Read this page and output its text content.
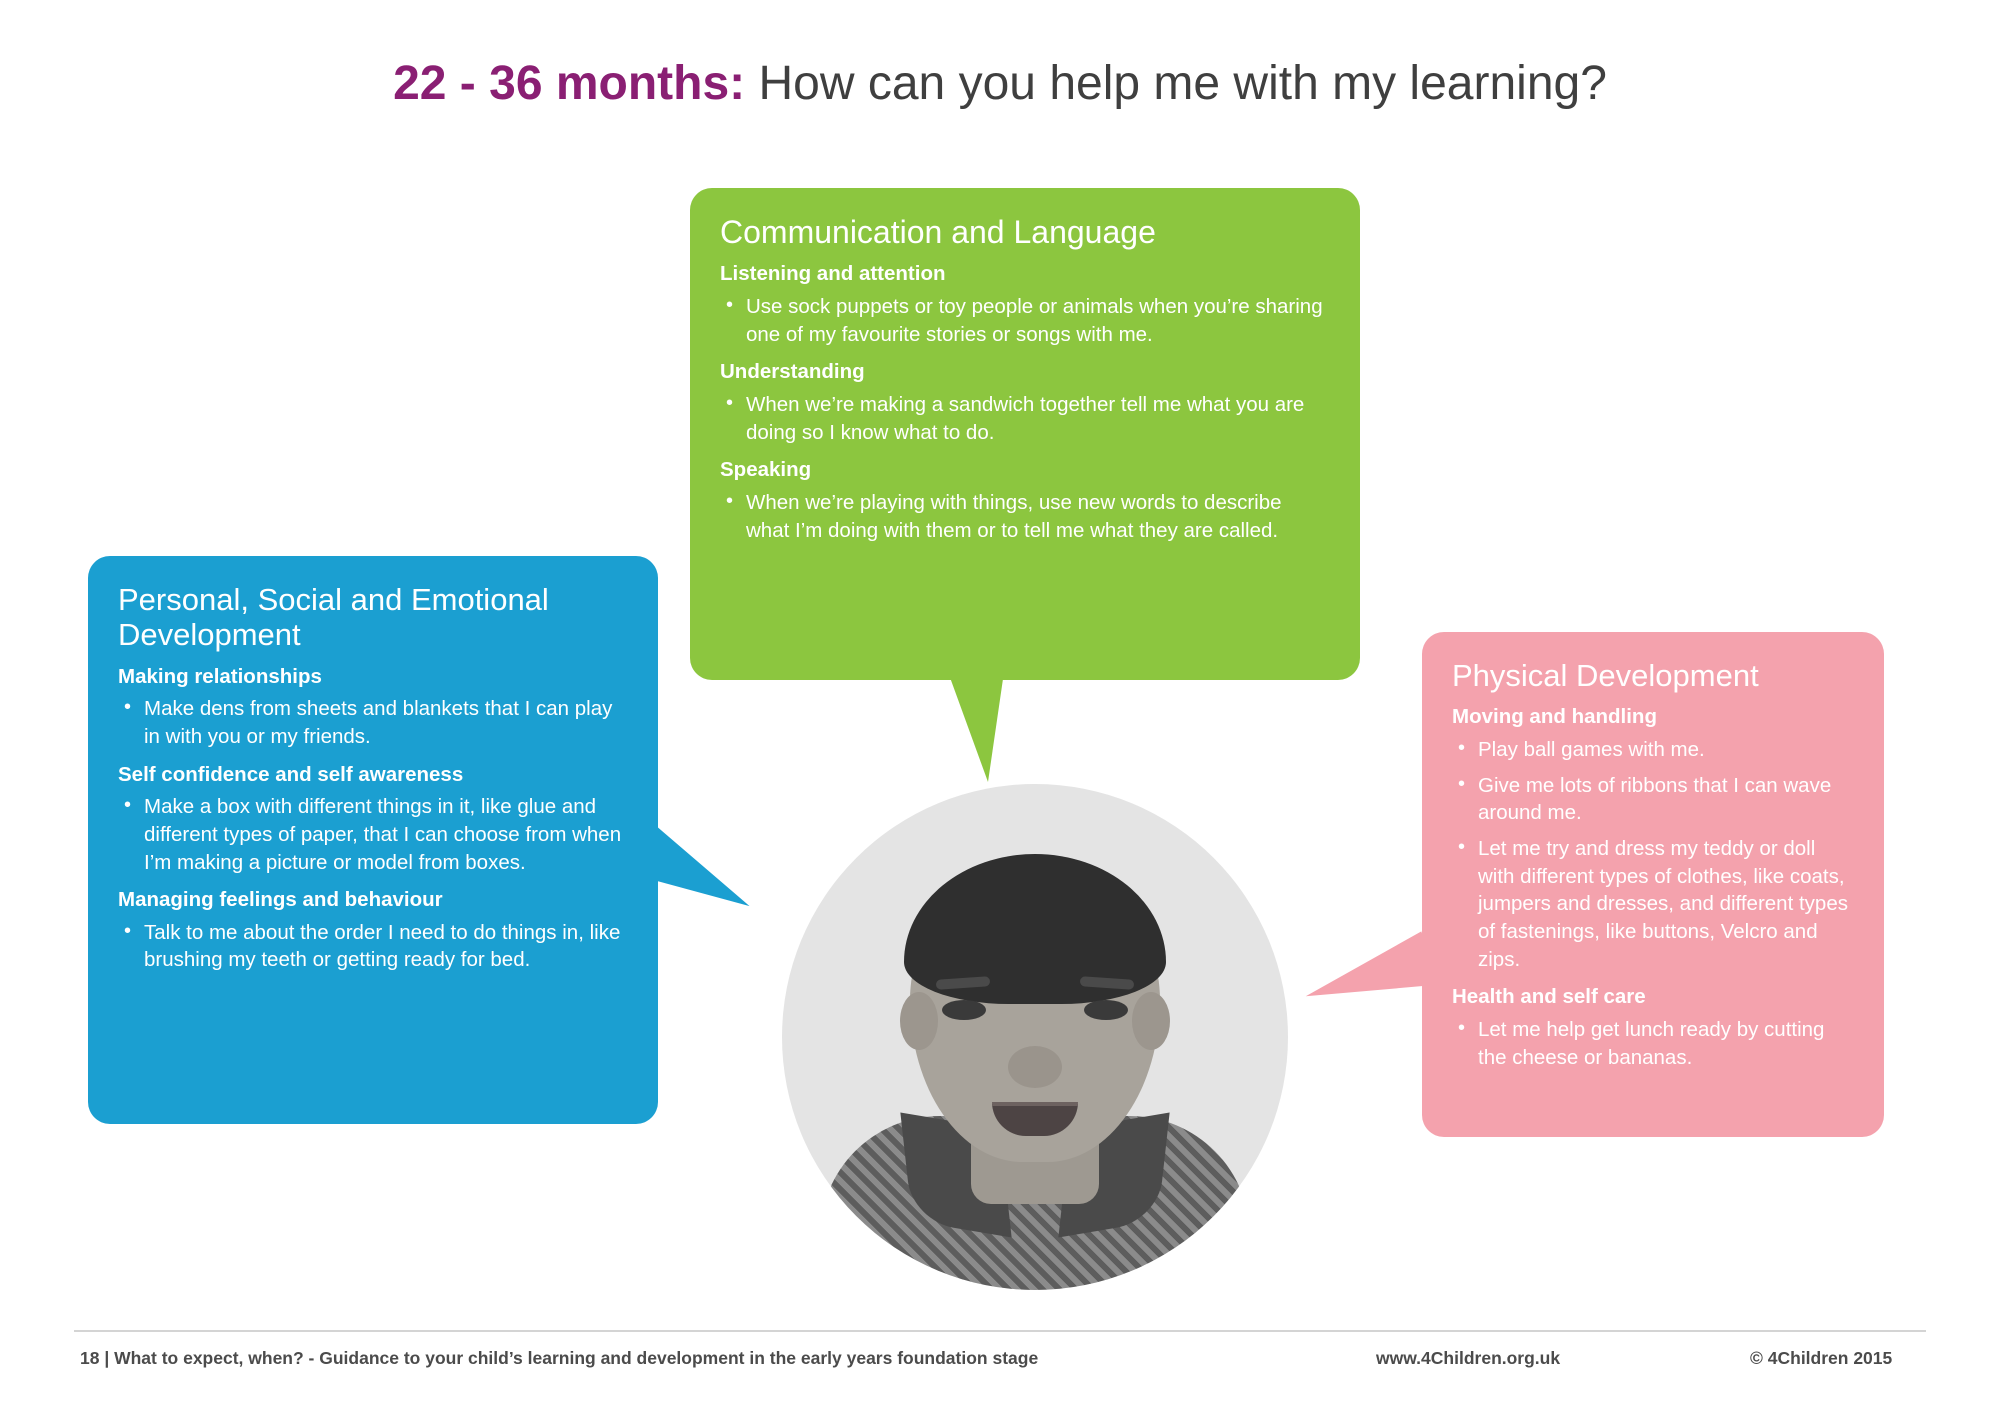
22 - 36 months: How can you help me with my learning?
Communication and Language
Listening and attention
• Use sock puppets or toy people or animals when you’re sharing one of my favourite stories or songs with me.
Understanding
• When we’re making a sandwich together tell me what you are doing so I know what to do.
Speaking
• When we’re playing with things, use new words to describe what I’m doing with them or to tell me what they are called.
Personal, Social and Emotional Development
Making relationships
• Make dens from sheets and blankets that I can play in with you or my friends.
Self confidence and self awareness
• Make a box with different things in it, like glue and different types of paper, that I can choose from when I’m making a picture or model from boxes.
Managing feelings and behaviour
• Talk to me about the order I need to do things in, like brushing my teeth or getting ready for bed.
Physical Development
Moving and handling
• Play ball games with me.
• Give me lots of ribbons that I can wave around me.
• Let me try and dress my teddy or doll with different types of clothes, like coats, jumpers and dresses, and different types of fastenings, like buttons, Velcro and zips.
Health and self care
• Let me help get lunch ready by cutting the cheese or bananas.
18 | What to expect, when? - Guidance to your child’s learning and development in the early years foundation stage	www.4Children.org.uk	© 4Children 2015
